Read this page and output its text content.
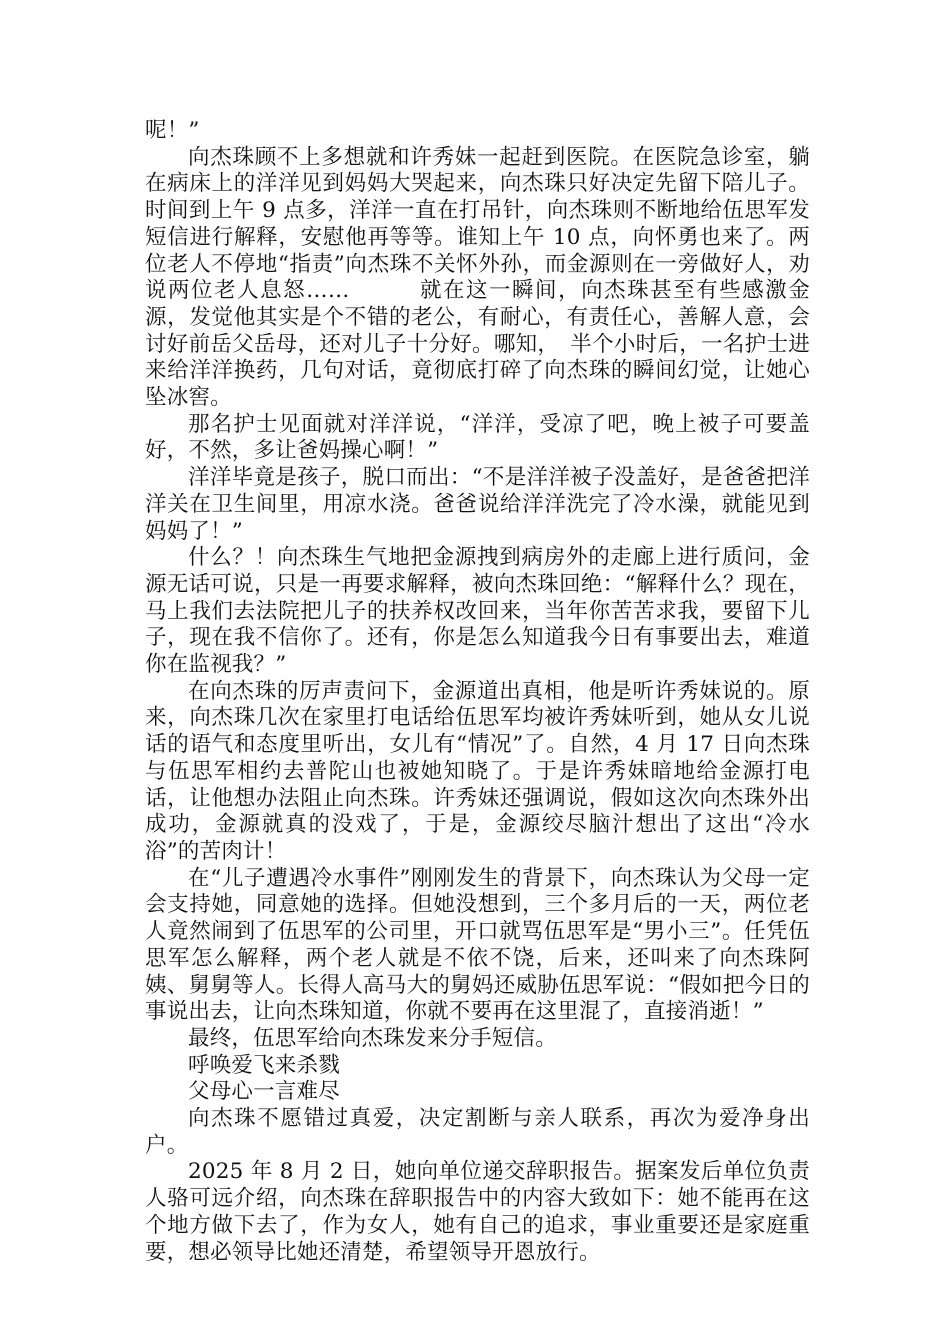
呢！”

向杰珠顾不上多想就和许秀妹一起赶到医院。在医院急诊室，躺在病床上的洋洋见到妈妈大哭起来，向杰珠只好决定先留下陪儿子。时间到上午 9 点多，洋洋一直在打吊针，向杰珠则不断地给伍思军发短信进行解释，安慰他再等等。谁知上午 10 点，向怀勇也来了。两位老人不停地“指责”向杰珠不关怀外孙，而金源则在一旁做好人，劝说两位老人息怒……　　　就在这一瞬间，向杰珠甚至有些感激金源，发觉他其实是个不错的老公，有耐心，有责任心，善解人意，会讨好前岳父岳母，还对儿子十分好。哪知，　半个小时后，一名护士进来给洋洋换药，几句对话，竟彻底打碎了向杰珠的瞬间幻觉，让她心坠冰窖。

那名护士见面就对洋洋说，“洋洋，受凉了吧，晚上被子可要盖好，不然，多让爸妈操心啊！”

洋洋毕竟是孩子，脱口而出：“不是洋洋被子没盖好，是爸爸把洋洋关在卫生间里，用凉水浇。爸爸说给洋洋洗完了冷水澡，就能见到妈妈了！”

什么？！向杰珠生气地把金源拽到病房外的走廊上进行质问，金源无话可说，只是一再要求解释，被向杰珠回绝：“解释什么？现在，马上我们去法院把儿子的扶养权改回来，当年你苦苦求我，要留下儿子，现在我不信你了。还有，你是怎么知道我今日有事要出去，难道你在监视我？”

在向杰珠的厉声责问下，金源道出真相，他是听许秀妹说的。原来，向杰珠几次在家里打电话给伍思军均被许秀妹听到，她从女儿说话的语气和态度里听出，女儿有“情况”了。自然，4 月 17 日向杰珠与伍思军相约去普陀山也被她知晓了。于是许秀妹暗地给金源打电话，让他想办法阻止向杰珠。许秀妹还强调说，假如这次向杰珠外出成功，金源就真的没戏了，于是，金源绞尽脑汁想出了这出“冷水浴”的苦肉计！

在“儿子遭遇冷水事件”刚刚发生的背景下，向杰珠认为父母一定会支持她，同意她的选择。但她没想到，三个多月后的一天，两位老人竟然闹到了伍思军的公司里，开口就骂伍思军是“男小三”。任凭伍思军怎么解释，两个老人就是不依不饶，后来，还叫来了向杰珠阿姨、舅舅等人。长得人高马大的舅妈还威胁伍思军说：“假如把今日的事说出去，让向杰珠知道，你就不要再在这里混了，直接消逝！”

最终，伍思军给向杰珠发来分手短信。

呼唤爱飞来杀戮

父母心一言难尽

向杰珠不愿错过真爱，决定割断与亲人联系，再次为爱净身出户。

2025 年 8 月 2 日，她向单位递交辞职报告。据案发后单位负责人骆可远介绍，向杰珠在辞职报告中的内容大致如下：她不能再在这个地方做下去了，作为女人，她有自己的追求，事业重要还是家庭重要，想必领导比她还清楚，希望领导开恩放行。
